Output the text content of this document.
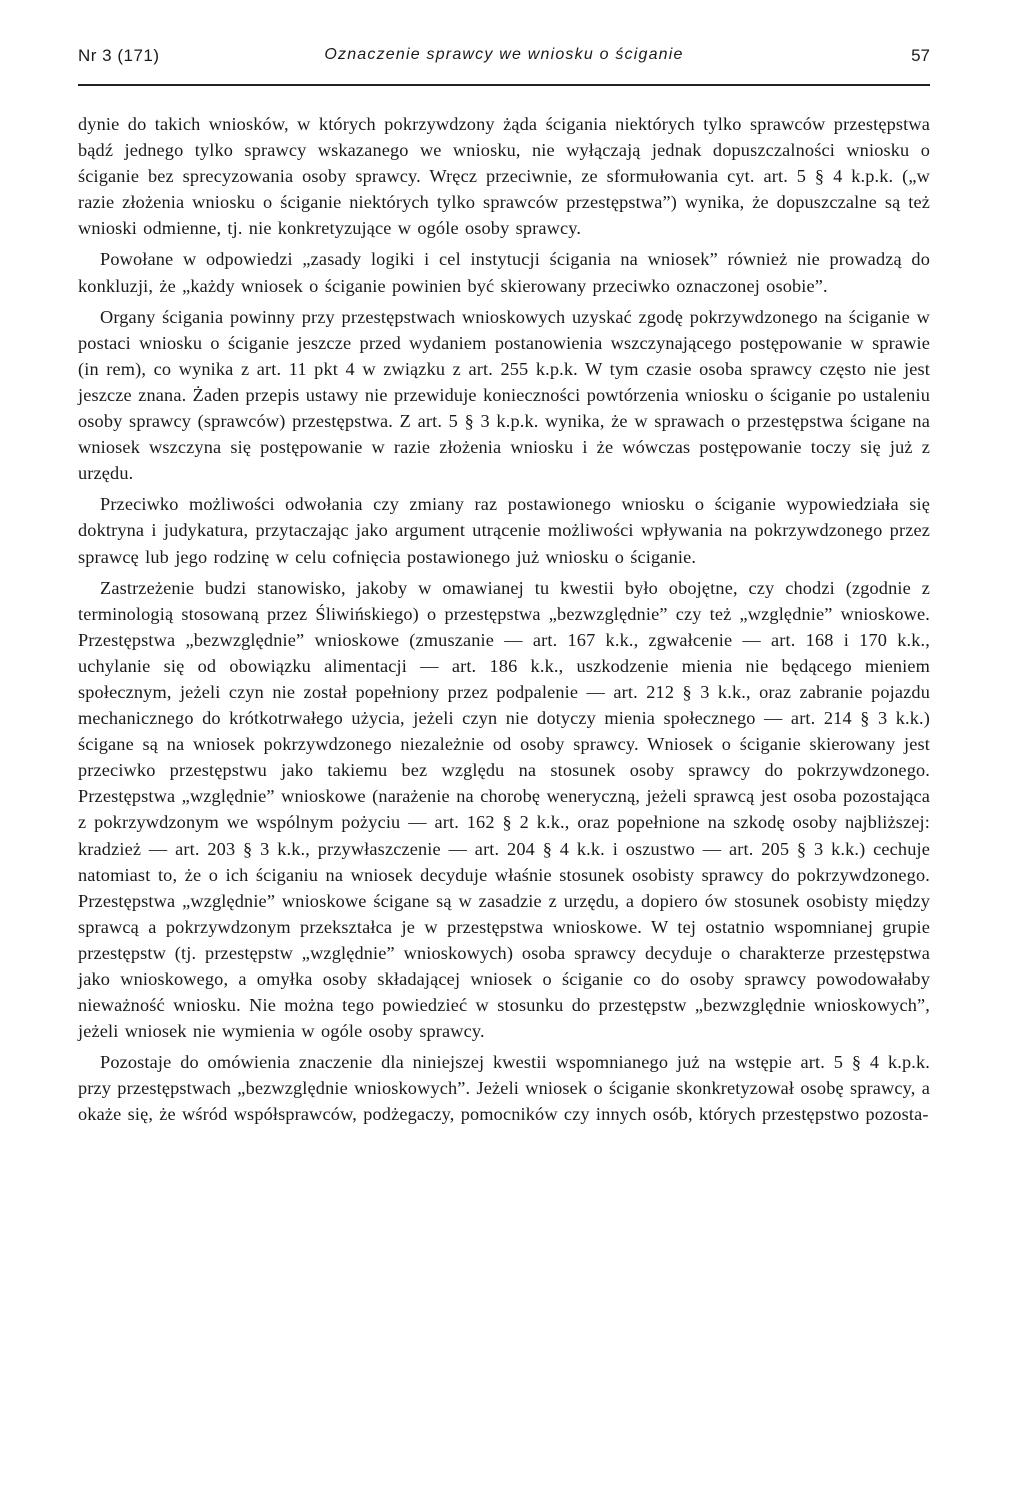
Nr 3 (171)	Oznaczenie sprawcy we wniosku o ściganie	57

dynie do takich wniosków, w których pokrzywdzony żąda ścigania niektórych tylko sprawców przestępstwa bądź jednego tylko sprawcy wskazanego we wniosku, nie wyłączają jednak dopuszczalności wniosku o ściganie bez sprecyzowania osoby sprawcy. Wręcz przeciwnie, ze sformułowania cyt. art. 5 § 4 k.p.k. („w razie złożenia wniosku o ściganie niektórych tylko sprawców przestępstwa”) wynika, że dopuszczalne są też wnioski odmienne, tj. nie konkretyzujące w ogóle osoby sprawcy.

Powołane w odpowiedzi „zasady logiki i cel instytucji ścigania na wniosek” również nie prowadzą do konkluzji, że „każdy wniosek o ściganie powinien być skierowany przeciwko oznaczonej osobie”.

Organy ścigania powinny przy przestępstwach wnioskowych uzyskać zgodę pokrzywdzonego na ściganie w postaci wniosku o ściganie jeszcze przed wydaniem postanowienia wszczynającego postępowanie w sprawie (in rem), co wynika z art. 11 pkt 4 w związku z art. 255 k.p.k. W tym czasie osoba sprawcy często nie jest jeszcze znana. Żaden przepis ustawy nie przewiduje konieczności powtórzenia wniosku o ściganie po ustaleniu osoby sprawcy (sprawców) przestępstwa. Z art. 5 § 3 k.p.k. wynika, że w sprawach o przestępstwa ścigane na wniosek wszczyna się postępowanie w razie złożenia wniosku i że wówczas postępowanie toczy się już z urzędu.

Przeciwko możliwości odwołania czy zmiany raz postawionego wniosku o ściganie wypowiedziała się doktryna i judykatura, przytaczając jako argument utrącenie możliwości wpływania na pokrzywdzonego przez sprawcę lub jego rodzinę w celu cofnięcia postawionego już wniosku o ściganie.

Zastrzeżenie budzi stanowisko, jakoby w omawianej tu kwestii było obojętne, czy chodzi (zgodnie z terminologią stosowaną przez Śliwińskiego) o przestępstwa „bezwzględnie” czy też „względnie” wnioskowe. Przestępstwa „bezwzględnie” wnioskowe (zmuszanie — art. 167 k.k., zgwałcenie — art. 168 i 170 k.k., uchylanie się od obowiązku alimentacji — art. 186 k.k., uszkodzenie mienia nie będącego mieniem społecznym, jeżeli czyn nie został popełniony przez podpalenie — art. 212 § 3 k.k., oraz zabranie pojazdu mechanicznego do krótkotrwałego użycia, jeżeli czyn nie dotyczy mienia społecznego — art. 214 § 3 k.k.) ścigane są na wniosek pokrzywdzonego niezależnie od osoby sprawcy. Wniosek o ściganie skierowany jest przeciwko przestępstwu jako takiemu bez względu na stosunek osoby sprawcy do pokrzywdzonego. Przestępstwa „względnie” wnioskowe (narażenie na chorobę weneryczną, jeżeli sprawcą jest osoba pozostająca z pokrzywdzonym we wspólnym pożyciu — art. 162 § 2 k.k., oraz popełnione na szkodę osoby najbliższej: kradzież — art. 203 § 3 k.k., przywłaszczenie — art. 204 § 4 k.k. i oszustwo — art. 205 § 3 k.k.) cechuje natomiast to, że o ich ściganiu na wniosek decyduje właśnie stosunek osobisty sprawcy do pokrzywdzonego. Przestępstwa „względnie” wnioskowe ścigane są w zasadzie z urzędu, a dopiero ów stosunek osobisty między sprawcą a pokrzywdzonym przekształca je w przestępstwa wnioskowe. W tej ostatnio wspomnianej grupie przestępstw (tj. przestępstw „względnie” wnioskowych) osoba sprawcy decyduje o charakterze przestępstwa jako wnioskowego, a omyłka osoby składającej wniosek o ściganie co do osoby sprawcy powodowałaby nieważność wniosku. Nie można tego powiedzieć w stosunku do przestępstw „bezwzględnie wnioskowych”, jeżeli wniosek nie wymienia w ogóle osoby sprawcy.

Pozostaje do omówienia znaczenie dla niniejszej kwestii wspomnianego już na wstępie art. 5 § 4 k.p.k. przy przestępstwach „bezwzględnie wnioskowych”. Jeżeli wniosek o ściganie skonkretyzował osobę sprawcy, a okaże się, że wśród współsprawców, podżegaczy, pomocników czy innych osób, których przestępstwo pozosta-
